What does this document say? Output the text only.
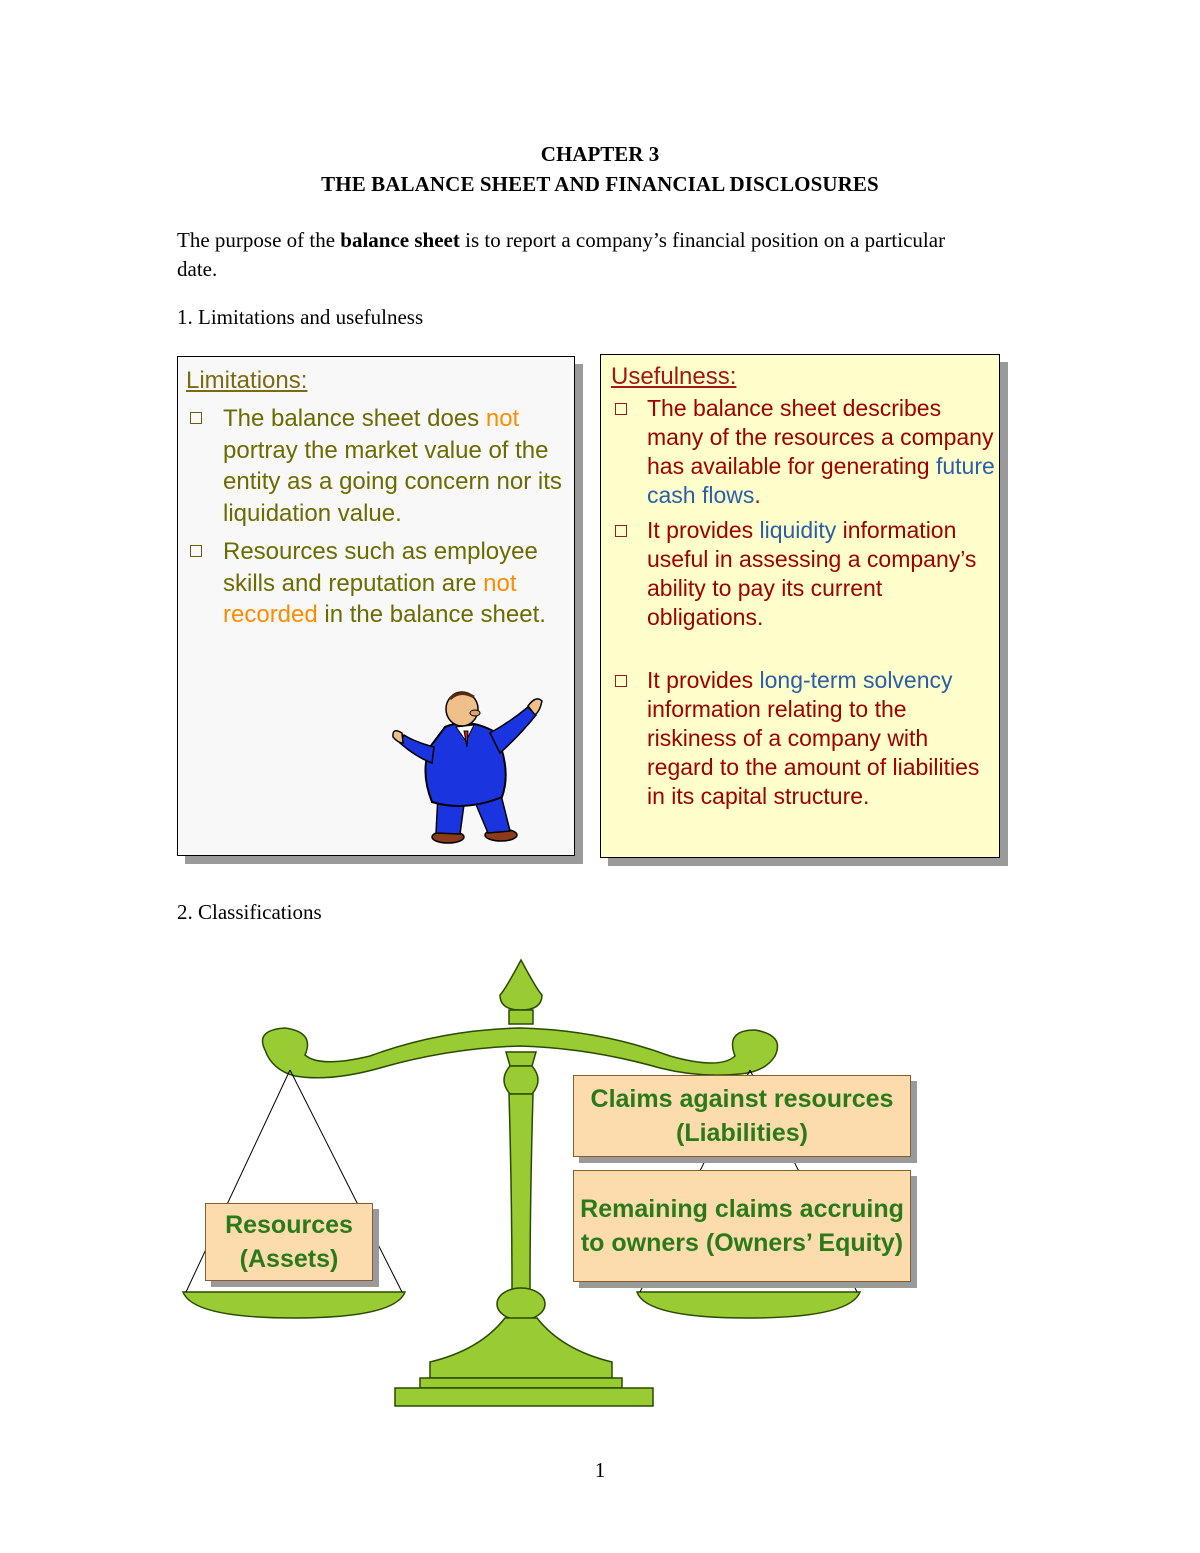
CHAPTER 3
THE BALANCE SHEET AND FINANCIAL DISCLOSURES
The purpose of the balance sheet is to report a company’s financial position on a particular date.
1. Limitations and usefulness
Limitations:
The balance sheet does not
portray the market value of the entity as a going concern nor its liquidation value.
Resources such as employee skills and reputation are not recorded in the balance sheet.
Usefulness:
The balance sheet describes many of the resources a company has available for generating future cash flows.
It provides liquidity information useful in assessing a company’s ability to pay its current obligations.
It provides long-term solvency information relating to the riskiness of a company with regard to the amount of liabilities in its capital structure.
2. Classifications
Resources (Assets)
Claims against resources (Liabilities)
Remaining claims accruing to owners (Owners’ Equity)
1
